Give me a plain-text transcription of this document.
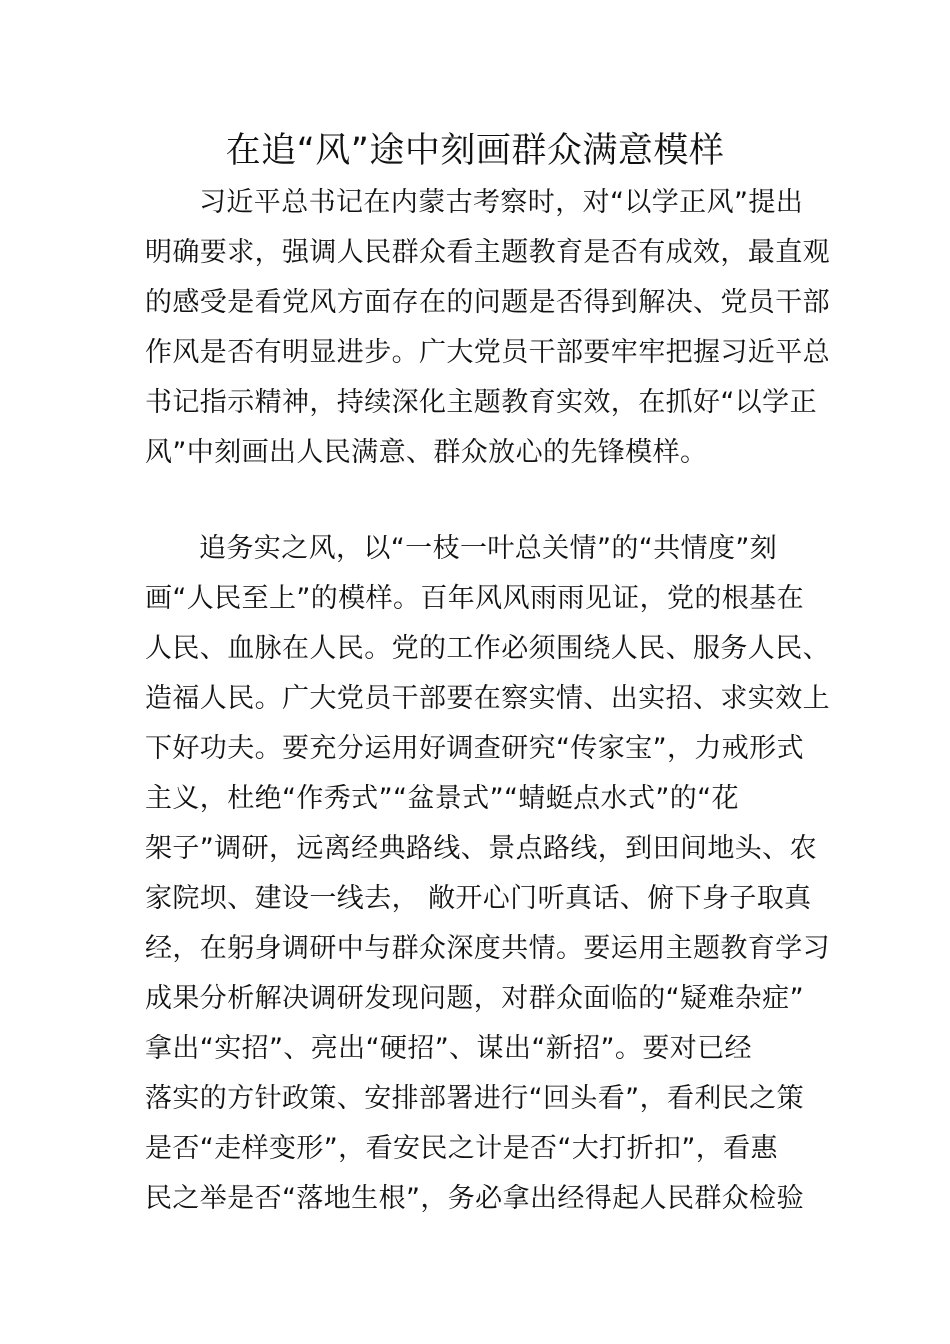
在追“风”途中刻画群众满意模样
习近平总书记在内蒙古考察时，对“以学正风”提出
明确要求，强调人民群众看主题教育是否有成效，最直观
的感受是看党风方面存在的问题是否得到解决、党员干部
作风是否有明显进步。广大党员干部要牢牢把握习近平总
书记指示精神，持续深化主题教育实效，在抓好“以学正
风”中刻画出人民满意、群众放心的先锋模样。
追务实之风，以“一枝一叶总关情”的“共情度”刻
画“人民至上”的模样。百年风风雨雨见证，党的根基在
人民、血脉在人民。党的工作必须围绕人民、服务人民、
造福人民。广大党员干部要在察实情、出实招、求实效上
下好功夫。要充分运用好调查研究“传家宝”，力戒形式
主义，杜绝“作秀式”“盆景式”“蜻蜓点水式”的“花
架子”调研，远离经典路线、景点路线，到田间地头、农
家院坝、建设一线去， 敞开心门听真话、俯下身子取真
经，在躬身调研中与群众深度共情。要运用主题教育学习
成果分析解决调研发现问题，对群众面临的“疑难杂症”
拿出“实招”、亮出“硬招”、谋出“新招”。要对已经
落实的方针政策、安排部署进行“回头看”，看利民之策
是否“走样变形”，看安民之计是否“大打折扣”，看惠
民之举是否“落地生根”，务必拿出经得起人民群众检验
